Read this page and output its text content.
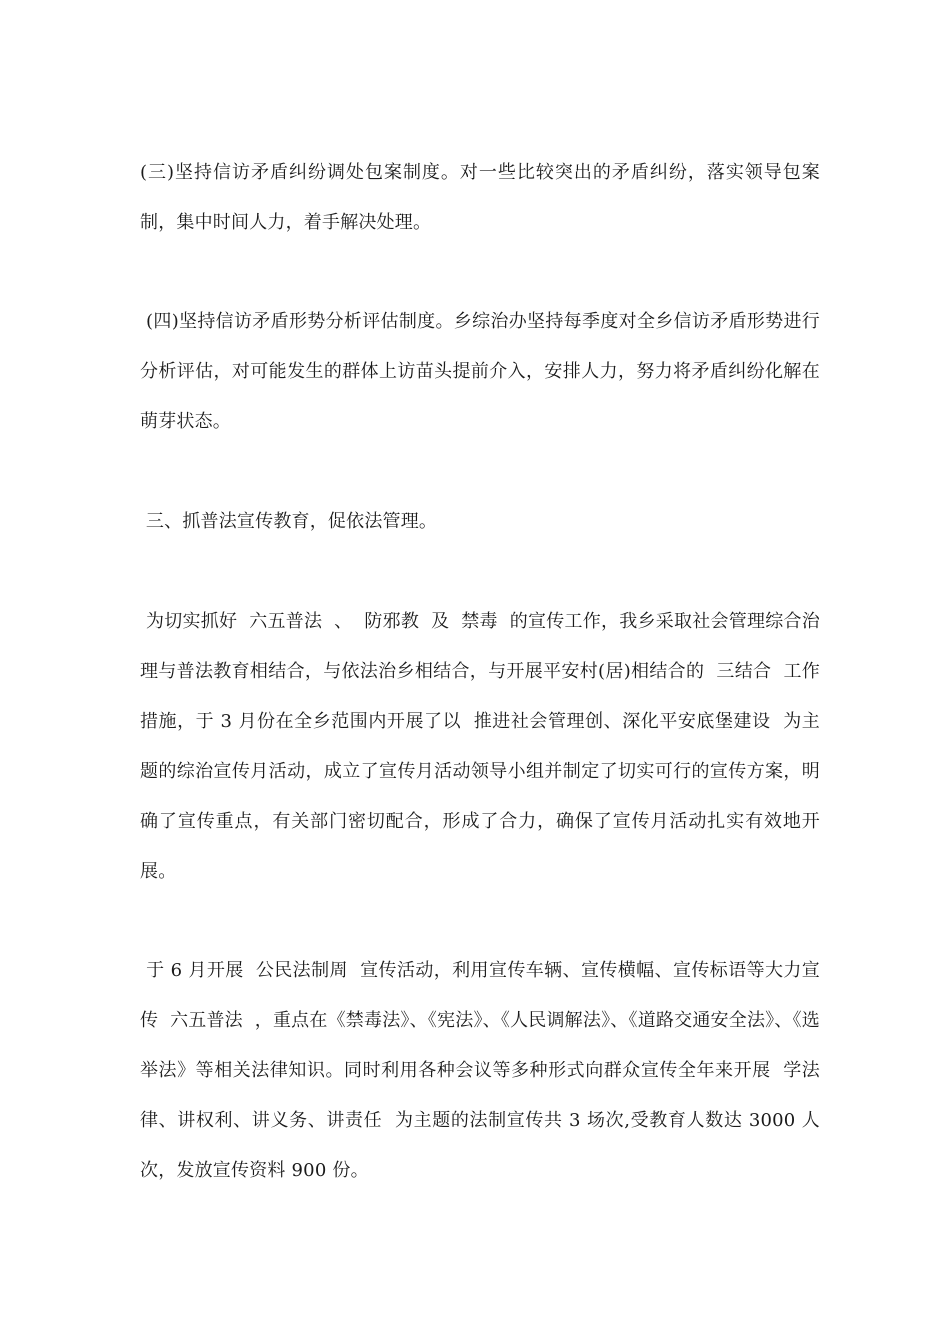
(三)坚持信访矛盾纠纷调处包案制度。对一些比较突出的矛盾纠纷，落实领导包案制，集中时间人力，着手解决处理。

(四)坚持信访矛盾形势分析评估制度。乡综治办坚持每季度对全乡信访矛盾形势进行分析评估，对可能发生的群体上访苗头提前介入，安排人力，努力将矛盾纠纷化解在萌芽状态。

三、抓普法宣传教育，促依法管理。

为切实抓好  六五普法  、  防邪教  及  禁毒  的宣传工作，我乡采取社会管理综合治理与普法教育相结合，与依法治乡相结合，与开展平安村(居)相结合的  三结合  工作措施，于 3 月份在全乡范围内开展了以  推进社会管理创、深化平安底堡建设  为主题的综治宣传月活动，成立了宣传月活动领导小组并制定了切实可行的宣传方案，明确了宣传重点，有关部门密切配合，形成了合力，确保了宣传月活动扎实有效地开展。

于 6 月开展  公民法制周  宣传活动，利用宣传车辆、宣传横幅、宣传标语等大力宣传  六五普法  ，重点在《禁毒法》、《宪法》、《人民调解法》、《道路交通安全法》、《选举法》等相关法律知识。同时利用各种会议等多种形式向群众宣传全年来开展  学法律、讲权利、讲义务、讲责任  为主题的法制宣传共 3 场次,受教育人数达 3000 人次，发放宣传资料 900 份。
